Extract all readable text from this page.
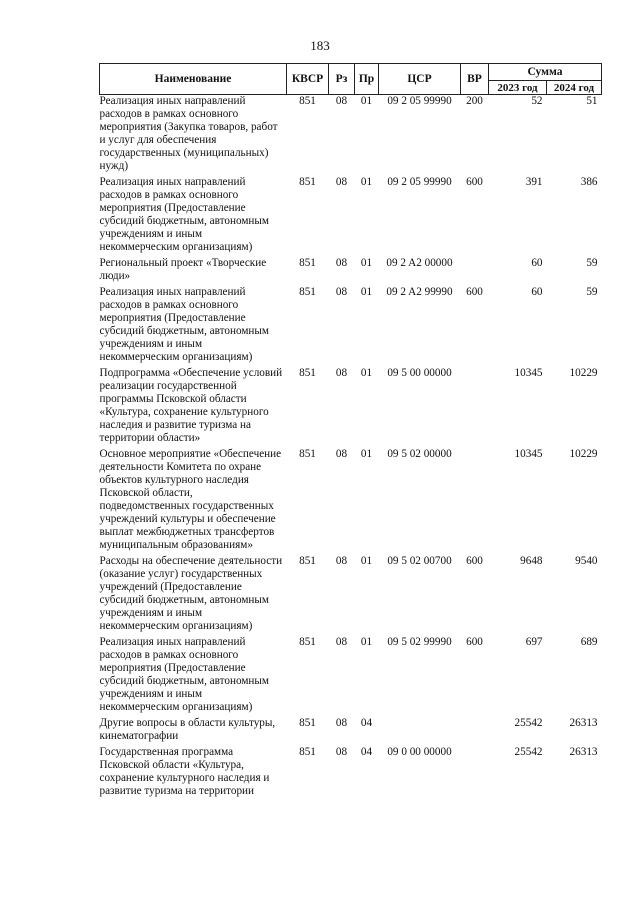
183
Наименование	КВСР	Рз	Пр	ЦСР	ВР	Сумма	
						2023 год	2024 год
Реализация иных направлений расходов в рамках основного мероприятия (Закупка товаров, работ и услуг для обеспечения государственных (муниципальных) нужд)	851	08	01	09 2 05 99990	200	52	51
Реализация иных направлений расходов в рамках основного мероприятия (Предоставление субсидий бюджетным, автономным учреждениям и иным некоммерческим организациям)	851	08	01	09 2 05 99990	600	391	386
Региональный проект «Творческие люди»	851	08	01	09 2 A2 00000		60	59
Реализация иных направлений расходов в рамках основного мероприятия (Предоставление субсидий бюджетным, автономным учреждениям и иным некоммерческим организациям)	851	08	01	09 2 A2 99990	600	60	59
Подпрограмма «Обеспечение условий реализации государственной программы Псковской области «Культура, сохранение культурного наследия и развитие туризма на территории области»	851	08	01	09 5 00 00000		10345	10229
Основное мероприятие «Обеспечение деятельности Комитета по охране объектов культурного наследия Псковской области, подведомственных государственных учреждений культуры и обеспечение выплат межбюджетных трансфертов муниципальным образованиям»	851	08	01	09 5 02 00000		10345	10229
Расходы на обеспечение деятельности (оказание услуг) государственных учреждений (Предоставление субсидий бюджетным, автономным учреждениям и иным некоммерческим организациям)	851	08	01	09 5 02 00700	600	9648	9540
Реализация иных направлений расходов в рамках основного мероприятия (Предоставление субсидий бюджетным, автономным учреждениям и иным некоммерческим организациям)	851	08	01	09 5 02 99990	600	697	689
Другие вопросы в области культуры, кинематографии	851	08	04			25542	26313
Государственная программа Псковской области «Культура, сохранение культурного наследия и развитие туризма на территории	851	08	04	09 0 00 00000		25542	26313
